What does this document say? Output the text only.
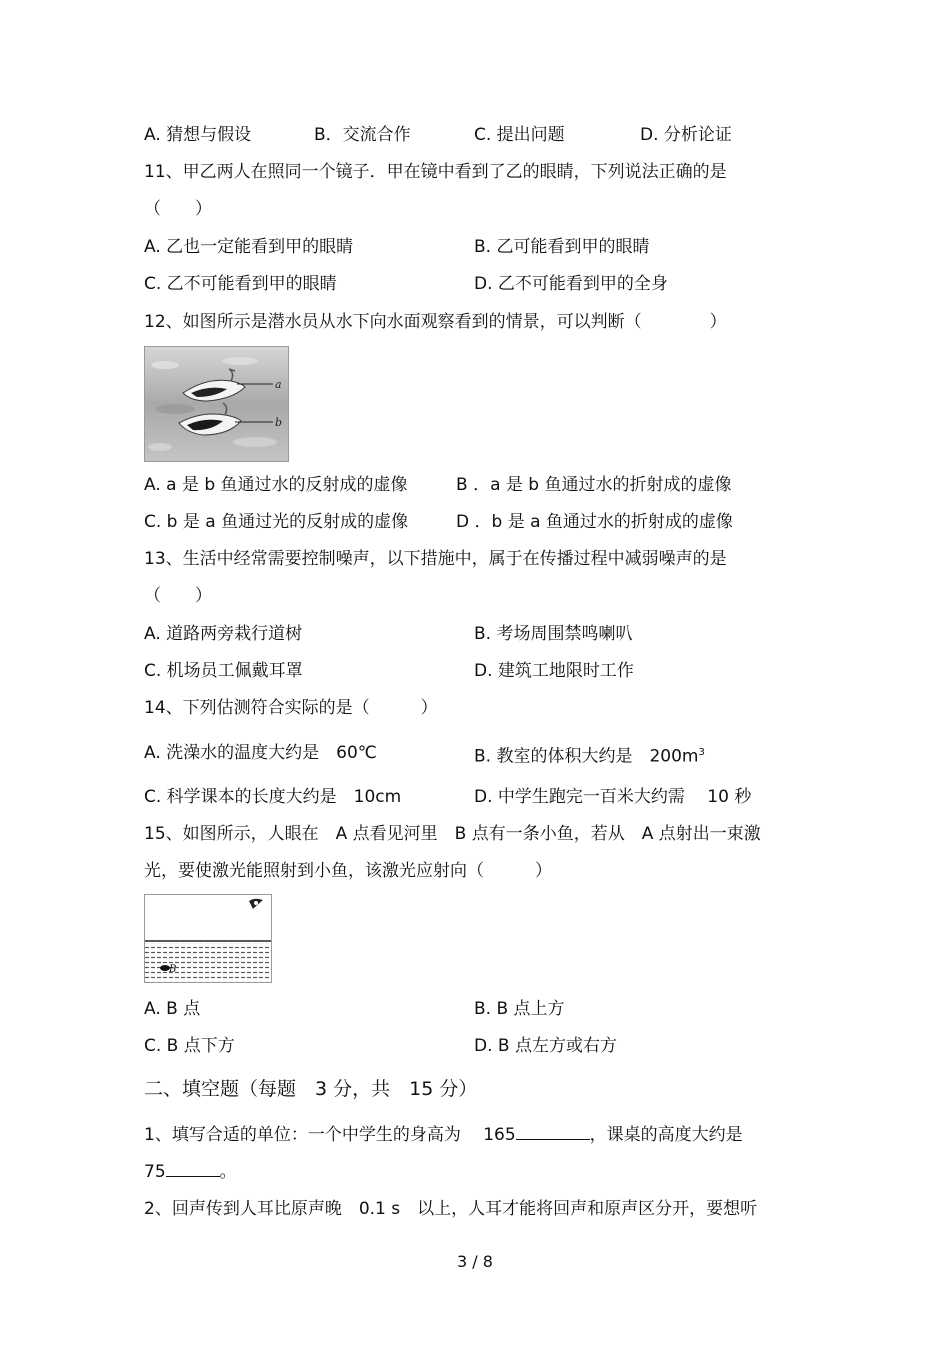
A. 猜想与假设	B．交流合作	C. 提出问题	D. 分析论证
11、甲乙两人在照同一个镜子．甲在镜中看到了乙的眼睛，下列说法正确的是
（　　）
A. 乙也一定能看到甲的眼睛	B. 乙可能看到甲的眼睛
C. 乙不可能看到甲的眼睛	D. 乙不可能看到甲的全身
12、如图所示是潜水员从水下向水面观察看到的情景，可以判断（　　　　）
a
b
A. a 是 b 鱼通过水的反射成的虚像	B ．a 是 b 鱼通过水的折射成的虚像
C. b 是 a 鱼通过光的反射成的虚像	D ．b 是 a 鱼通过水的折射成的虚像
13、生活中经常需要控制噪声，以下措施中，属于在传播过程中减弱噪声的是
（　　）
A. 道路两旁栽行道树	B. 考场周围禁鸣喇叭
C. 机场员工佩戴耳罩	D. 建筑工地限时工作
14、下列估测符合实际的是（　　　）
A. 洗澡水的温度大约是　60℃	B. 教室的体积大约是　$200m^3$
C. 科学课本的长度大约是　10cm	D. 中学生跑完一百米大约需　 10 秒
15、如图所示，人眼在　A 点看见河里　B 点有一条小鱼，若从　A 点射出一束激
光，要使激光能照射到小鱼，该激光应射向（　　　）
B
A. B 点	B. B 点上方
C. B 点下方	D. B 点左方或右方
二、填空题（每题　3 分，共　15 分）
1、填写合适的单位：一个中学生的身高为　 165	，课桌的高度大约是
75	。
2、回声传到人耳比原声晚　0.1 s　以上，人耳才能将回声和原声区分开，要想听
3 / 8
